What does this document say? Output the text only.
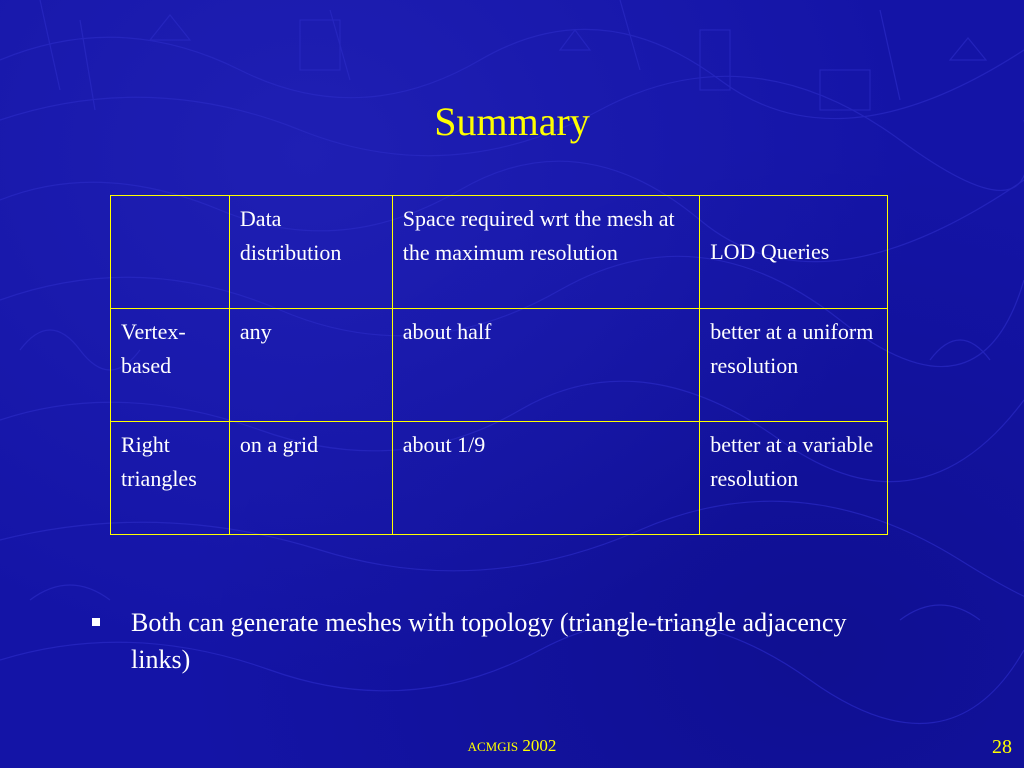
Summary
	Data distribution	Space required wrt the mesh at the maximum resolution	LOD Queries
Vertex-based	any	about half	better at a uniform resolution
Right triangles	on a grid	about 1/9	better at a variable resolution
Both can generate meshes with topology (triangle-triangle adjacency links)
ACMGIS 2002	28
